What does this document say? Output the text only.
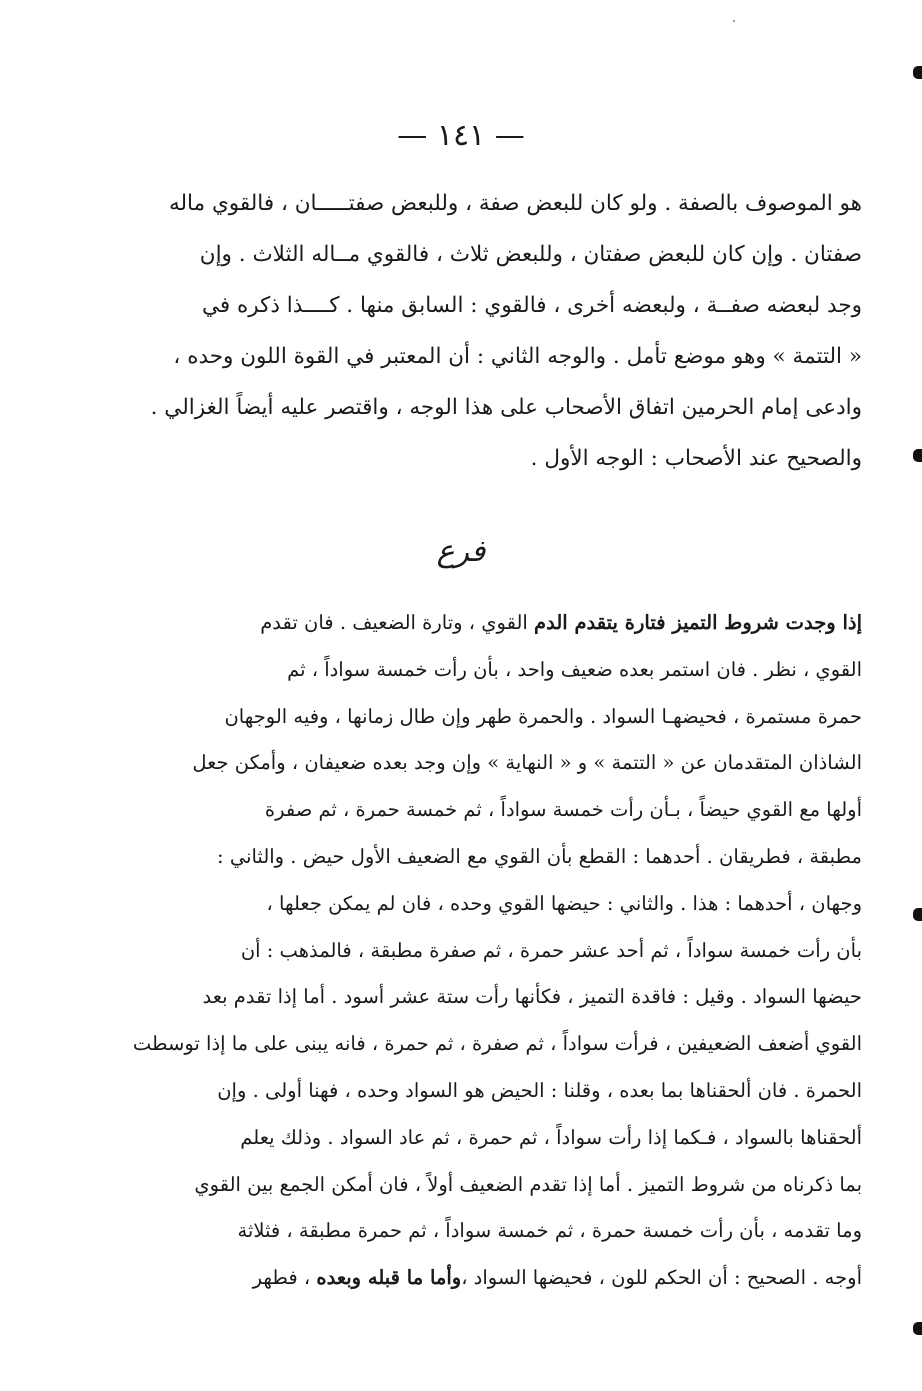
— ١٤١ —
هو الموصوف بالصفة . ولو كان للبعض صفة ، وللبعض صفتـــــان ، فالقوي ماله
صفتان . وإن كان للبعض صفتان ، وللبعض ثلاث ، فالقوي مــاله الثلاث . وإن
وجد لبعضه صفــة ، ولبعضه أخرى ، فالقوي : السابق منها . كــــذا ذكره في
« التتمة » وهو موضع تأمل . والوجه الثاني : أن المعتبر في القوة اللون وحده ،
وادعى إمام الحرمين اتفاق الأصحاب على هذا الوجه ، واقتصر عليه أيضاً الغزالي .
والصحيح عند الأصحاب : الوجه الأول .
فرع
إذا وجدت شروط التميز فتارة يتقدم الدم القوي ، وتارة الضعيف . فان تقدم
القوي ، نظر . فان استمر بعده ضعيف واحد ، بأن رأت خمسة سواداً ، ثم
حمرة مستمرة ، فحيضهـا السواد . والحمرة طهر وإن طال زمانها ، وفيه الوجهان
الشاذان المتقدمان عن « التتمة » و « النهاية » وإن وجد بعده ضعيفان ، وأمكن جعل
أولها مع القوي حيضاً ، بـأن رأت خمسة سواداً ، ثم خمسة حمرة ، ثم صفرة
مطبقة ، فطريقان . أحدهما : القطع بأن القوي مع الضعيف الأول حيض . والثاني :
وجهان ، أحدهما : هذا . والثاني : حيضها القوي وحده ، فان لم يمكن جعلها ،
بأن رأت خمسة سواداً ، ثم أحد عشر حمرة ، ثم صفرة مطبقة ، فالمذهب : أن
حيضها السواد . وقيل : فاقدة التميز ، فكأنها رأت ستة عشر أسود . أما إذا تقدم بعد
القوي أضعف الضعيفين ، فرأت سواداً ، ثم صفرة ، ثم حمرة ، فانه يبنى على ما إذا توسطت
الحمرة . فان ألحقناها بما بعده ، وقلنا : الحيض هو السواد وحده ، فهنا أولى . وإن
ألحقناها بالسواد ، فـكما إذا رأت سواداً ، ثم حمرة ، ثم عاد السواد . وذلك يعلم
بما ذكرناه من شروط التميز . أما إذا تقدم الضعيف أولاً ، فان أمكن الجمع بين القوي
وما تقدمه ، بأن رأت خمسة حمرة ، ثم خمسة سواداً ، ثم حمرة مطبقة ، فثلاثة
أوجه . الصحيح : أن الحكم للون ، فحيضها السواد ،وأما ما قبله وبعده ، فطهر
